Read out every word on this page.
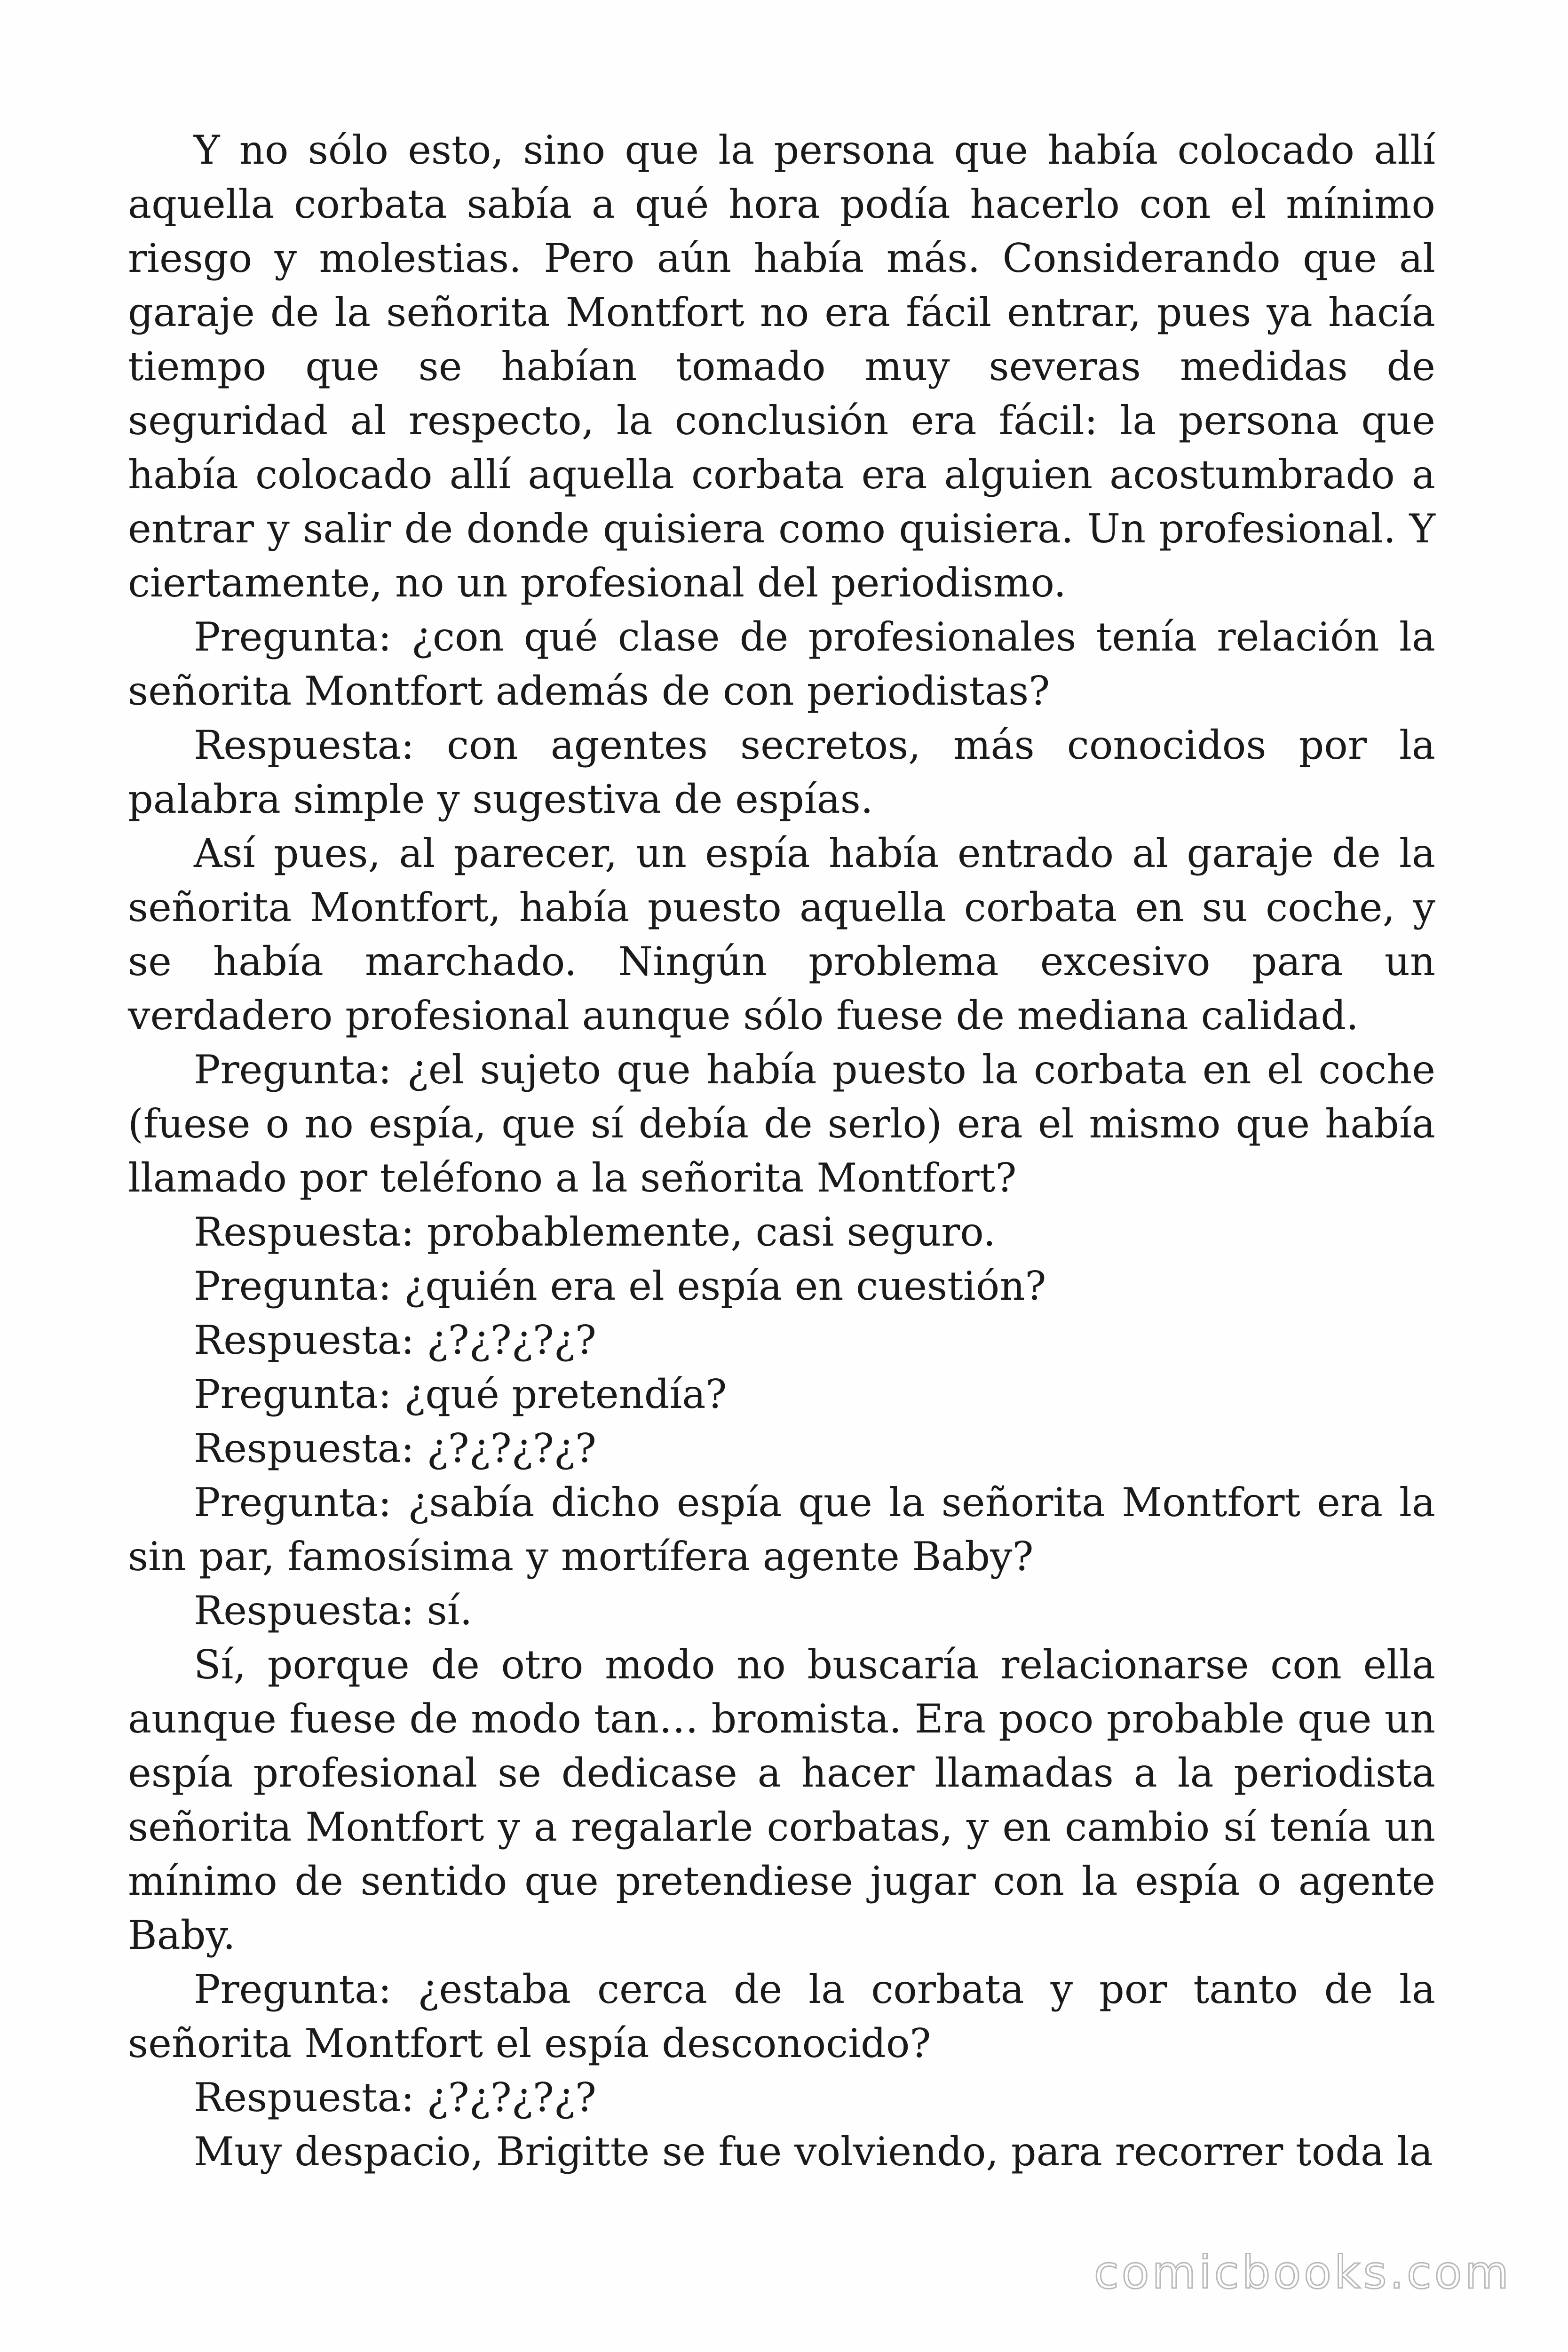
Y no sólo esto, sino que la persona que había colocado allí aquella corbata sabía a qué hora podía hacerlo con el mínimo riesgo y molestias. Pero aún había más. Considerando que al garaje de la señorita Montfort no era fácil entrar, pues ya hacía tiempo que se habían tomado muy severas medidas de seguridad al respecto, la conclusión era fácil: la persona que había colocado allí aquella corbata era alguien acostumbrado a entrar y salir de donde quisiera como quisiera. Un profesional. Y ciertamente, no un profesional del periodismo.

Pregunta: ¿con qué clase de profesionales tenía relación la señorita Montfort además de con periodistas?

Respuesta: con agentes secretos, más conocidos por la palabra simple y sugestiva de espías.

Así pues, al parecer, un espía había entrado al garaje de la señorita Montfort, había puesto aquella corbata en su coche, y se había marchado. Ningún problema excesivo para un verdadero profesional aunque sólo fuese de mediana calidad.

Pregunta: ¿el sujeto que había puesto la corbata en el coche (fuese o no espía, que sí debía de serlo) era el mismo que había llamado por teléfono a la señorita Montfort?

Respuesta: probablemente, casi seguro.

Pregunta: ¿quién era el espía en cuestión?

Respuesta: ¿?¿?¿?¿?

Pregunta: ¿qué pretendía?

Respuesta: ¿?¿?¿?¿?

Pregunta: ¿sabía dicho espía que la señorita Montfort era la sin par, famosísima y mortífera agente Baby?

Respuesta: sí.

Sí, porque de otro modo no buscaría relacionarse con ella aunque fuese de modo tan… bromista. Era poco probable que un espía profesional se dedicase a hacer llamadas a la periodista señorita Montfort y a regalarle corbatas, y en cambio sí tenía un mínimo de sentido que pretendiese jugar con la espía o agente Baby.

Pregunta: ¿estaba cerca de la corbata y por tanto de la señorita Montfort el espía desconocido?

Respuesta: ¿?¿?¿?¿?

Muy despacio, Brigitte se fue volviendo, para recorrer toda la

comicbooks.com
